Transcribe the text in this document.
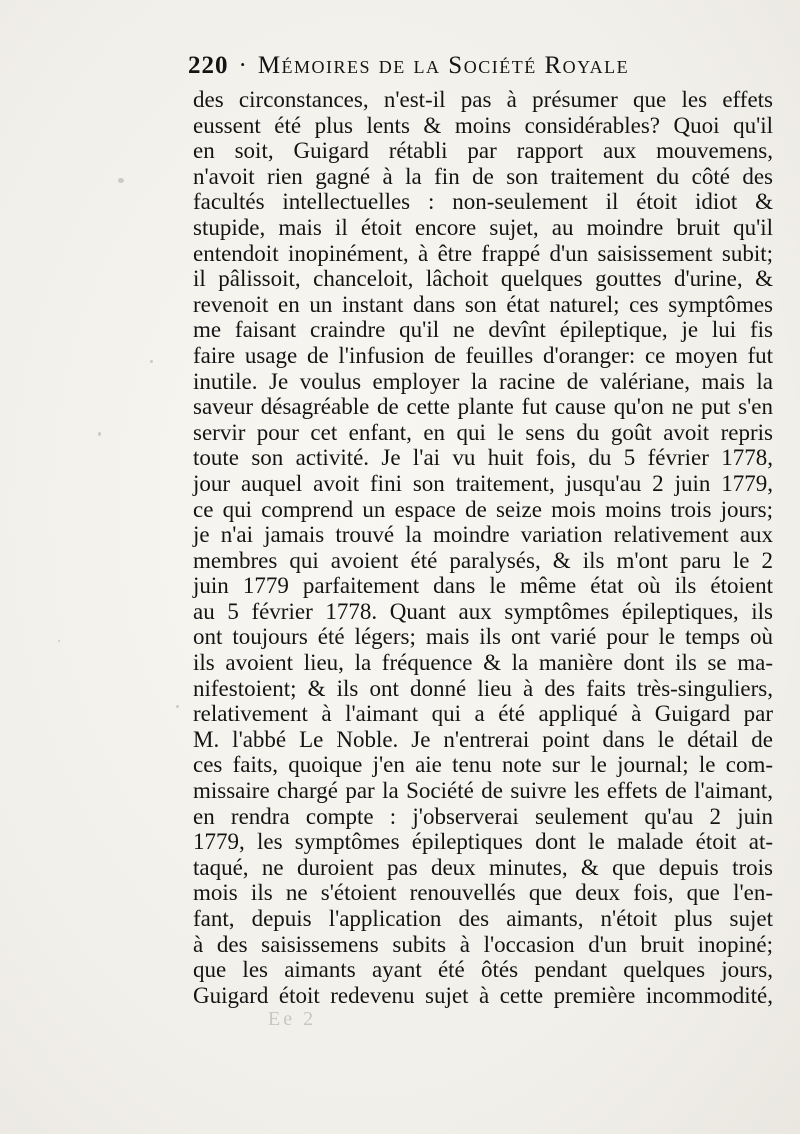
220 · Mémoires de la Société Royale
des circonstances, n'est-il pas à présumer que les effets
eussent été plus lents & moins considérables? Quoi qu'il
en soit, Guigard rétabli par rapport aux mouvemens,
n'avoit rien gagné à la fin de son traitement du côté des
facultés intellectuelles : non-seulement il étoit idiot &
stupide, mais il étoit encore sujet, au moindre bruit qu'il
entendoit inopinément, à être frappé d'un saisissement subit;
il pâlissoit, chanceloit, lâchoit quelques gouttes d'urine, &
revenoit en un instant dans son état naturel; ces symptômes
me faisant craindre qu'il ne devînt épileptique, je lui fis
faire usage de l'infusion de feuilles d'oranger: ce moyen fut
inutile. Je voulus employer la racine de valériane, mais la
saveur désagréable de cette plante fut cause qu'on ne put s'en
servir pour cet enfant, en qui le sens du goût avoit repris
toute son activité. Je l'ai vu huit fois, du 5 février 1778,
jour auquel avoit fini son traitement, jusqu'au 2 juin 1779,
ce qui comprend un espace de seize mois moins trois jours;
je n'ai jamais trouvé la moindre variation relativement aux
membres qui avoient été paralysés, & ils m'ont paru le 2
juin 1779 parfaitement dans le même état où ils étoient
au 5 février 1778. Quant aux symptômes épileptiques, ils
ont toujours été légers; mais ils ont varié pour le temps où
ils avoient lieu, la fréquence & la manière dont ils se ma-
nifestoient; & ils ont donné lieu à des faits très-singuliers,
relativement à l'aimant qui a été appliqué à Guigard par
M. l'abbé Le Noble. Je n'entrerai point dans le détail de
ces faits, quoique j'en aie tenu note sur le journal; le com-
missaire chargé par la Société de suivre les effets de l'aimant,
en rendra compte : j'observerai seulement qu'au 2 juin
1779, les symptômes épileptiques dont le malade étoit at-
taqué, ne duroient pas deux minutes, & que depuis trois
mois ils ne s'étoient renouvellés que deux fois, que l'en-
fant, depuis l'application des aimants, n'étoit plus sujet
à des saisissemens subits à l'occasion d'un bruit inopiné;
que les aimants ayant été ôtés pendant quelques jours,
Guigard étoit redevenu sujet à cette première incommodité,
Ee 2
